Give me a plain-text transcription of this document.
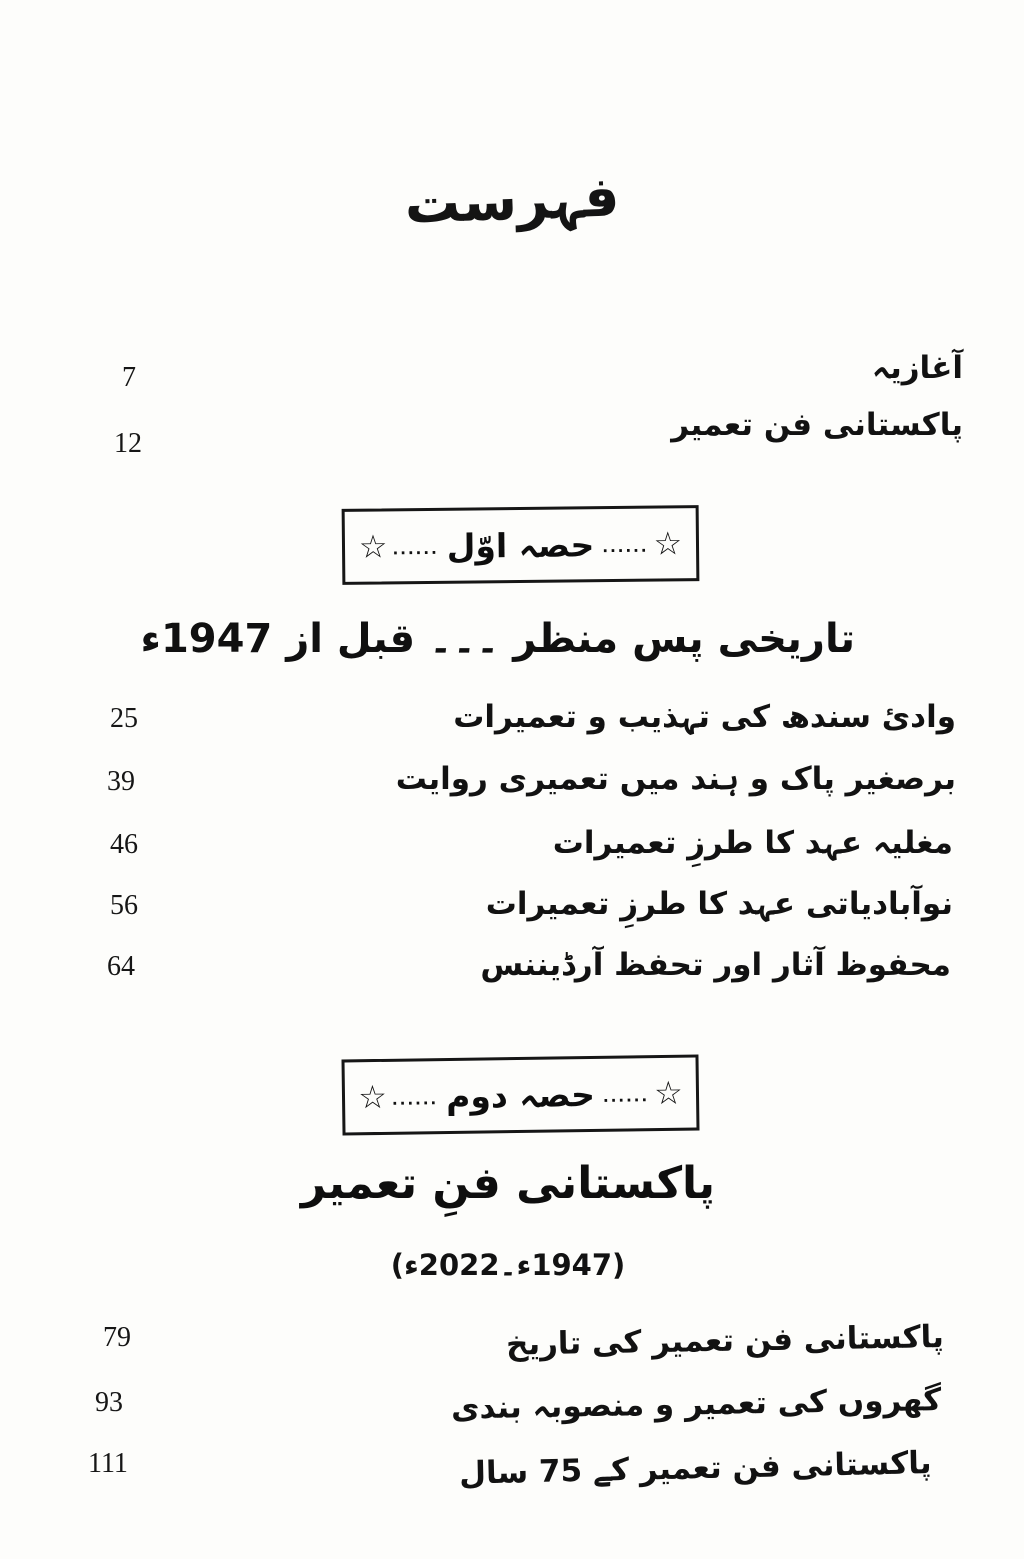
فہرست
آغازیہ
7
پاکستانی فن تعمیر
12
☆
......
حصہ اوّل
......
☆
تاریخی پس منظر ۔۔۔ قبل از 1947ء
وادیٔ سندھ کی تہذیب و تعمیرات
25
برصغیر پاک و ہند میں تعمیری روایت
39
مغلیہ عہد کا طرزِ تعمیرات
46
نوآبادیاتی عہد کا طرزِ تعمیرات
56
محفوظ آثار اور تحفظ آرڈیننس
64
☆
......
حصہ دوم
......
☆
پاکستانی فنِ تعمیر
(1947ء۔2022ء)
پاکستانی فن تعمیر کی تاریخ
79
گھروں کی تعمیر و منصوبہ بندی
93
پاکستانی فن تعمیر کے 75 سال
111
